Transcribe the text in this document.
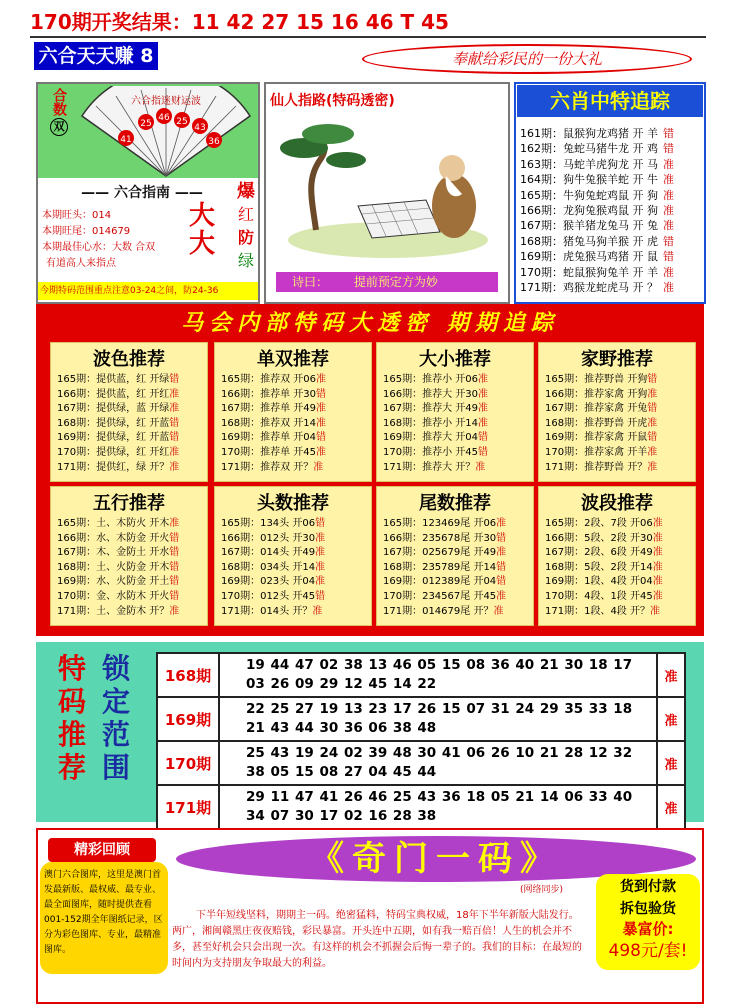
170期开奖结果：11 42 27 15 16 46 T 45
六合天天赚 8	奉献给彩民的一份大礼
合数
双
六合指迷财运波
41
25
46 25
43
36
—— 六合指南 ——
本期旺头：014
本期旺尾：014679
本期最佳心水：大数 合双
有道高人来指点
大
大
爆
红
防
绿
今期特码范围重点注意03-24之间，防24-36
仙人指路(特码透密)
诗曰： 提前预定方为妙
六肖中特追踪
161期：鼠猴狗龙鸡猪 开 羊 错
162期：兔蛇马猪牛龙 开 鸡 错
163期：马蛇羊虎狗龙 开 马 准
164期：狗牛兔猴羊蛇 开 牛 准
165期：牛狗兔蛇鸡鼠 开 狗 准
166期：龙狗兔猴鸡鼠 开 狗 准
167期：猴羊猪龙兔马 开 兔 准
168期：猪兔马狗羊猴 开 虎 错
169期：虎兔猴马鸡猪 开 鼠 错
170期：蛇鼠猴狗兔羊 开 羊 准
171期：鸡猴龙蛇虎马 开 ？ 准
马会内部特码大透密 期期追踪
波色推荐
165期：提供蓝，红 开绿错
166期：提供蓝，红 开红准
167期：提供绿，蓝 开绿准
168期：提供绿，红 开蓝错
169期：提供绿，红 开蓝错
170期：提供绿，红 开红准
171期：提供红，绿 开？准
单双推荐
165期：推荐双 开06准
166期：推荐单 开30错
167期：推荐单 开49准
168期：推荐双 开14准
169期：推荐单 开04错
170期：推荐单 开45准
171期：推荐双 开？准
大小推荐
165期：推荐小 开06准
166期：推荐大 开30准
167期：推荐大 开49准
168期：推荐小 开14准
169期：推荐大 开04错
170期：推荐小 开45错
171期：推荐大 开？准
家野推荐
165期：推荐野兽 开狗错
166期：推荐家禽 开狗准
167期：推荐家禽 开兔错
168期：推荐野兽 开虎准
169期：推荐家禽 开鼠错
170期：推荐家禽 开羊准
171期：推荐野兽 开？准
五行推荐
165期：土、木防火 开木准
166期：水、木防金 开火错
167期：木、金防土 开水错
168期：土、火防金 开木错
169期：水、火防金 开土错
170期：金、水防木 开火错
171期：土、金防木 开？准
头数推荐
165期：134头 开06错
166期：012头 开30准
167期：014头 开49准
168期：034头 开14准
169期：023头 开04准
170期：012头 开45错
171期：014头 开？准
尾数推荐
165期：123469尾 开06准
166期：235678尾 开30错
167期：025679尾 开49准
168期：235789尾 开14错
169期：012389尾 开04错
170期：234567尾 开45准
171期：014679尾 开？准
波段推荐
165期：2段、7段 开06准
166期：5段、2段 开30准
167期：2段、6段 开49准
168期：5段、2段 开14准
169期：1段、4段 开04准
170期：4段、1段 开45准
171期：1段、4段 开？准
特
码
推
荐
锁
定
范
围
168期	19 44 47 02 38 13 46 05 15 08 36 40 21 30 18 17
03 26 09 29 12 45 14 22	准
169期	22 25 27 19 13 23 17 26 15 07 31 24 29 35 33 18
21 43 44 30 36 06 38 48	准
170期	25 43 19 24 02 39 48 30 41 06 26 10 21 28 12 32
38 05 15 08 27 04 45 44	准
171期	29 11 47 41 26 46 25 43 36 18 05 21 14 06 33 40
34 07 30 17 02 16 28 38	准
精彩回顾
澳门六合图库，这里是澳门首发最新版、最权威、最专业、最全面图库，随时提供查看001-152期全年图纸记录，区分为彩色图库、专业，最精准图库。
《奇门一码》
(网络同步)
下半年短线坚料，期期主一码。绝密猛料，特码宝典权威，18年下半年新版大陆发行。两广，湘闽赣黑庄夜夜赔钱，彩民暴富。开头连中五期，如有我一赔百倍！人生的机会并不多，甚至好机会只会出现一次。有这样的机会不抓握会后悔一辈子的。我们的目标：在最短的时间内为支持朋友争取最大的利益。
货到付款
拆包验货
暴富价:
498元/套!
